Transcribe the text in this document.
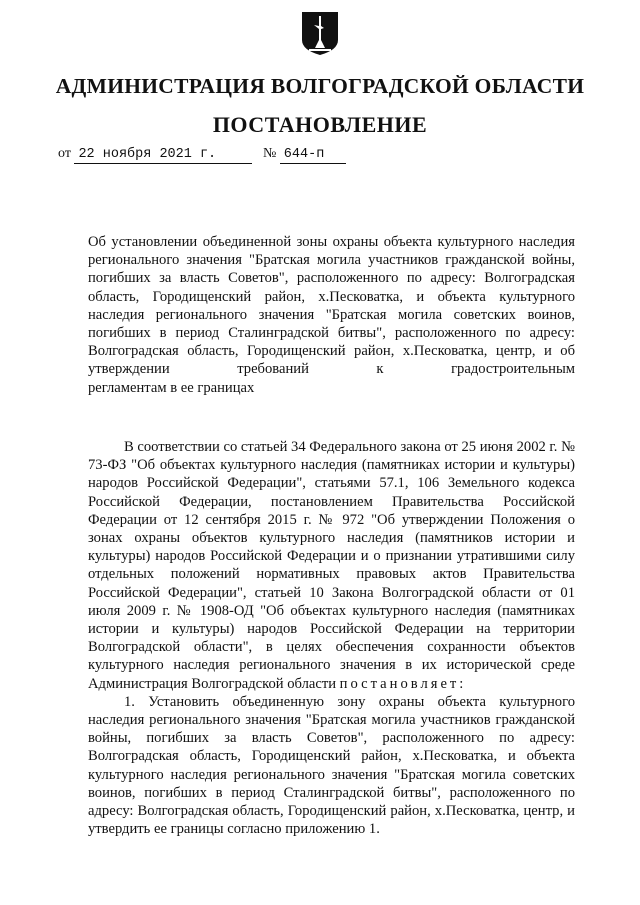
АДМИНИСТРАЦИЯ ВОЛГОГРАДСКОЙ ОБЛАСТИ
ПОСТАНОВЛЕНИЕ
от 22 ноября 2021 г.	№ 644-п
Об установлении объединенной зоны охраны объекта культурного наследия регионального значения "Братская могила участников гражданской войны, погибших за власть Советов", расположенного по адресу: Волгоградская область, Городищенский район, х.Песковатка, и объекта культурного наследия регионального значения "Братская могила советских воинов, погибших в период Сталинградской битвы", расположенного по адресу: Волгоградская область, Городищенский район, х.Песковатка, центр, и об утверждении требований к градостроительным
регламентам в ее границах

В соответствии со статьей 34 Федерального закона от 25 июня 2002 г. № 73-ФЗ "Об объектах культурного наследия (памятниках истории и культуры) народов Российской Федерации", статьями 57.1, 106 Земельного кодекса Российской Федерации, постановлением Правительства Российской Федерации от 12 сентября 2015 г. № 972 "Об утверждении Положения о зонах охраны объектов культурного наследия (памятников истории и культуры) народов Российской Федерации и о признании утратившими силу отдельных положений нормативных правовых актов Правительства Российской Федерации", статьей 10 Закона Волгоградской области от 01 июля 2009 г. № 1908-ОД "Об объектах культурного наследия (памятниках истории и культуры) народов Российской Федерации на территории Волгоградской области", в целях обеспечения сохранности объектов культурного наследия регионального значения в их исторической среде Администрация Волгоградской области постановляет:

1. Установить объединенную зону охраны объекта культурного наследия регионального значения "Братская могила участников гражданской войны, погибших за власть Советов", расположенного по адресу: Волгоградская область, Городищенский район, х.Песковатка, и объекта культурного наследия регионального значения "Братская могила советских воинов, погибших в период Сталинградской битвы", расположенного по адресу: Волгоградская область, Городищенский район, х.Песковатка, центр, и утвердить ее границы согласно приложению 1.
